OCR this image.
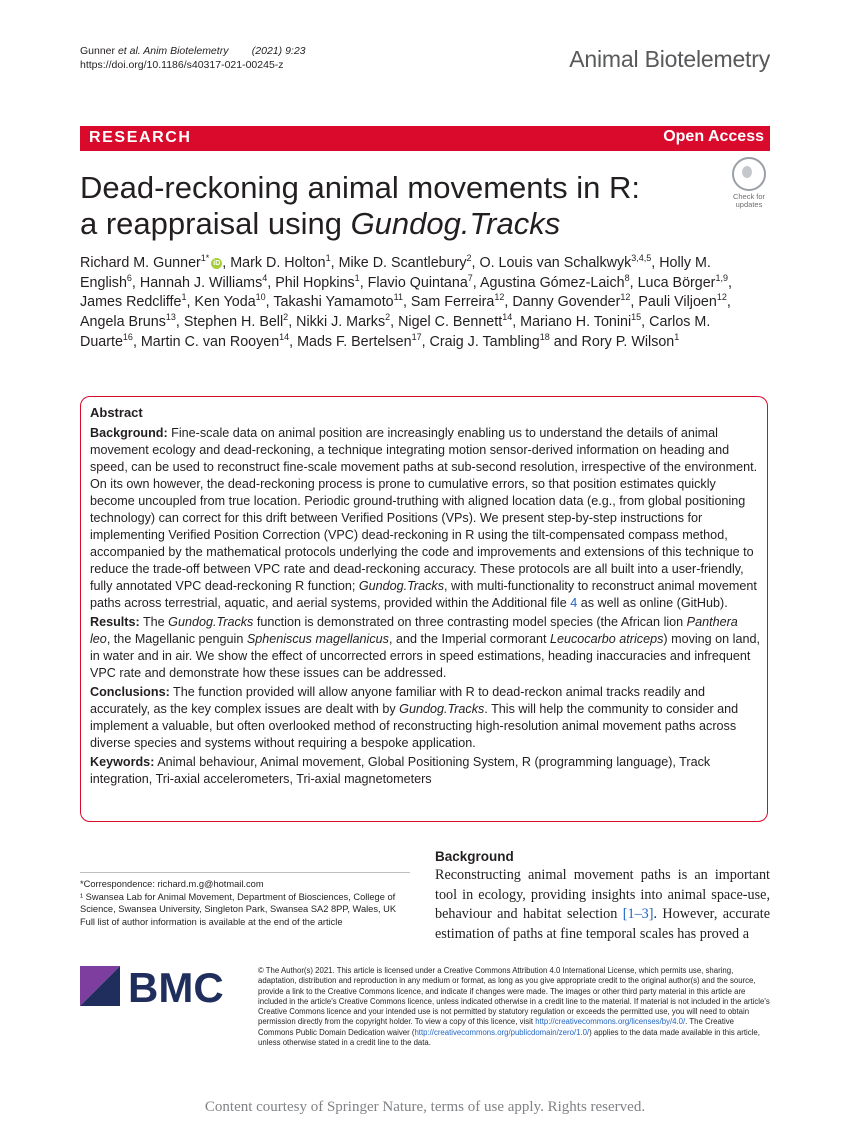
Gunner et al. Anim Biotelemetry (2021) 9:23
https://doi.org/10.1186/s40317-021-00245-z	Animal Biotelemetry
RESEARCH	Open Access
Dead-reckoning animal movements in R:
a reappraisal using Gundog.Tracks
Check for
updates
Richard M. Gunner$^{1*}$ iD , Mark D. Holton$^1$, Mike D. Scantlebury$^2$, O. Louis van Schalkwyk$^{3,4,5}$, Holly M. English$^6$, Hannah J. Williams$^4$, Phil Hopkins$^1$, Flavio Quintana$^7$, Agustina Gómez-Laich$^8$, Luca Börger$^{1,9}$, James Redcliffe$^1$, Ken Yoda$^{10}$, Takashi Yamamoto$^{11}$, Sam Ferreira$^{12}$, Danny Govender$^{12}$, Pauli Viljoen$^{12}$, Angela Bruns$^{13}$, Stephen H. Bell$^2$, Nikki J. Marks$^2$, Nigel C. Bennett$^{14}$, Mariano H. Tonini$^{15}$, Carlos M. Duarte$^{16}$, Martin C. van Rooyen$^{14}$, Mads F. Bertelsen$^{17}$, Craig J. Tambling$^{18}$ and Rory P. Wilson$^1$

Abstract

Background: Fine-scale data on animal position are increasingly enabling us to understand the details of animal movement ecology and dead-reckoning, a technique integrating motion sensor-derived information on heading and speed, can be used to reconstruct fine-scale movement paths at sub-second resolution, irrespective of the environment. On its own however, the dead-reckoning process is prone to cumulative errors, so that position estimates quickly become uncoupled from true location. Periodic ground-truthing with aligned location data (e.g., from global positioning technology) can correct for this drift between Verified Positions (VPs). We present step-by-step instructions for implementing Verified Position Correction (VPC) dead-reckoning in R using the tilt-compensated compass method, accompanied by the mathematical protocols underlying the code and improvements and extensions of this technique to reduce the trade-off between VPC rate and dead-reckoning accuracy. These protocols are all built into a user-friendly, fully annotated VPC dead-reckoning R function; Gundog.Tracks, with multi-functionality to reconstruct animal movement paths across terrestrial, aquatic, and aerial systems, provided within the Additional file 4 as well as online (GitHub).

Results: The Gundog.Tracks function is demonstrated on three contrasting model species (the African lion Panthera leo, the Magellanic penguin Spheniscus magellanicus, and the Imperial cormorant Leucocarbo atriceps) moving on land, in water and in air. We show the effect of uncorrected errors in speed estimations, heading inaccuracies and infrequent VPC rate and demonstrate how these issues can be addressed.

Conclusions: The function provided will allow anyone familiar with R to dead-reckon animal tracks readily and accurately, as the key complex issues are dealt with by Gundog.Tracks. This will help the community to consider and implement a valuable, but often overlooked method of reconstructing high-resolution animal movement paths across diverse species and systems without requiring a bespoke application.

Keywords: Animal behaviour, Animal movement, Global Positioning System, R (programming language), Track integration, Tri-axial accelerometers, Tri-axial magnetometers

*Correspondence: richard.m.g@hotmail.com
¹ Swansea Lab for Animal Movement, Department of Biosciences, College of Science, Swansea University, Singleton Park, Swansea SA2 8PP, Wales, UK
Full list of author information is available at the end of the article
Background
Reconstructing animal movement paths is an important tool in ecology, providing insights into animal space-use, behaviour and habitat selection [1–3]. However, accurate estimation of paths at fine temporal scales has proved a
BMC	© The Author(s) 2021. This article is licensed under a Creative Commons Attribution 4.0 International License, which permits use, sharing, adaptation, distribution and reproduction in any medium or format, as long as you give appropriate credit to the original author(s) and the source, provide a link to the Creative Commons licence, and indicate if changes were made. The images or other third party material in this article are included in the article's Creative Commons licence, unless indicated otherwise in a credit line to the material. If material is not included in the article's Creative Commons licence and your intended use is not permitted by statutory regulation or exceeds the permitted use, you will need to obtain permission directly from the copyright holder. To view a copy of this licence, visit http://creativecommons.org/licenses/by/4.0/. The Creative Commons Public Domain Dedication waiver (http://creativecommons.org/publicdomain/zero/1.0/) applies to the data made available in this article, unless otherwise stated in a credit line to the data.
Content courtesy of Springer Nature, terms of use apply. Rights reserved.
